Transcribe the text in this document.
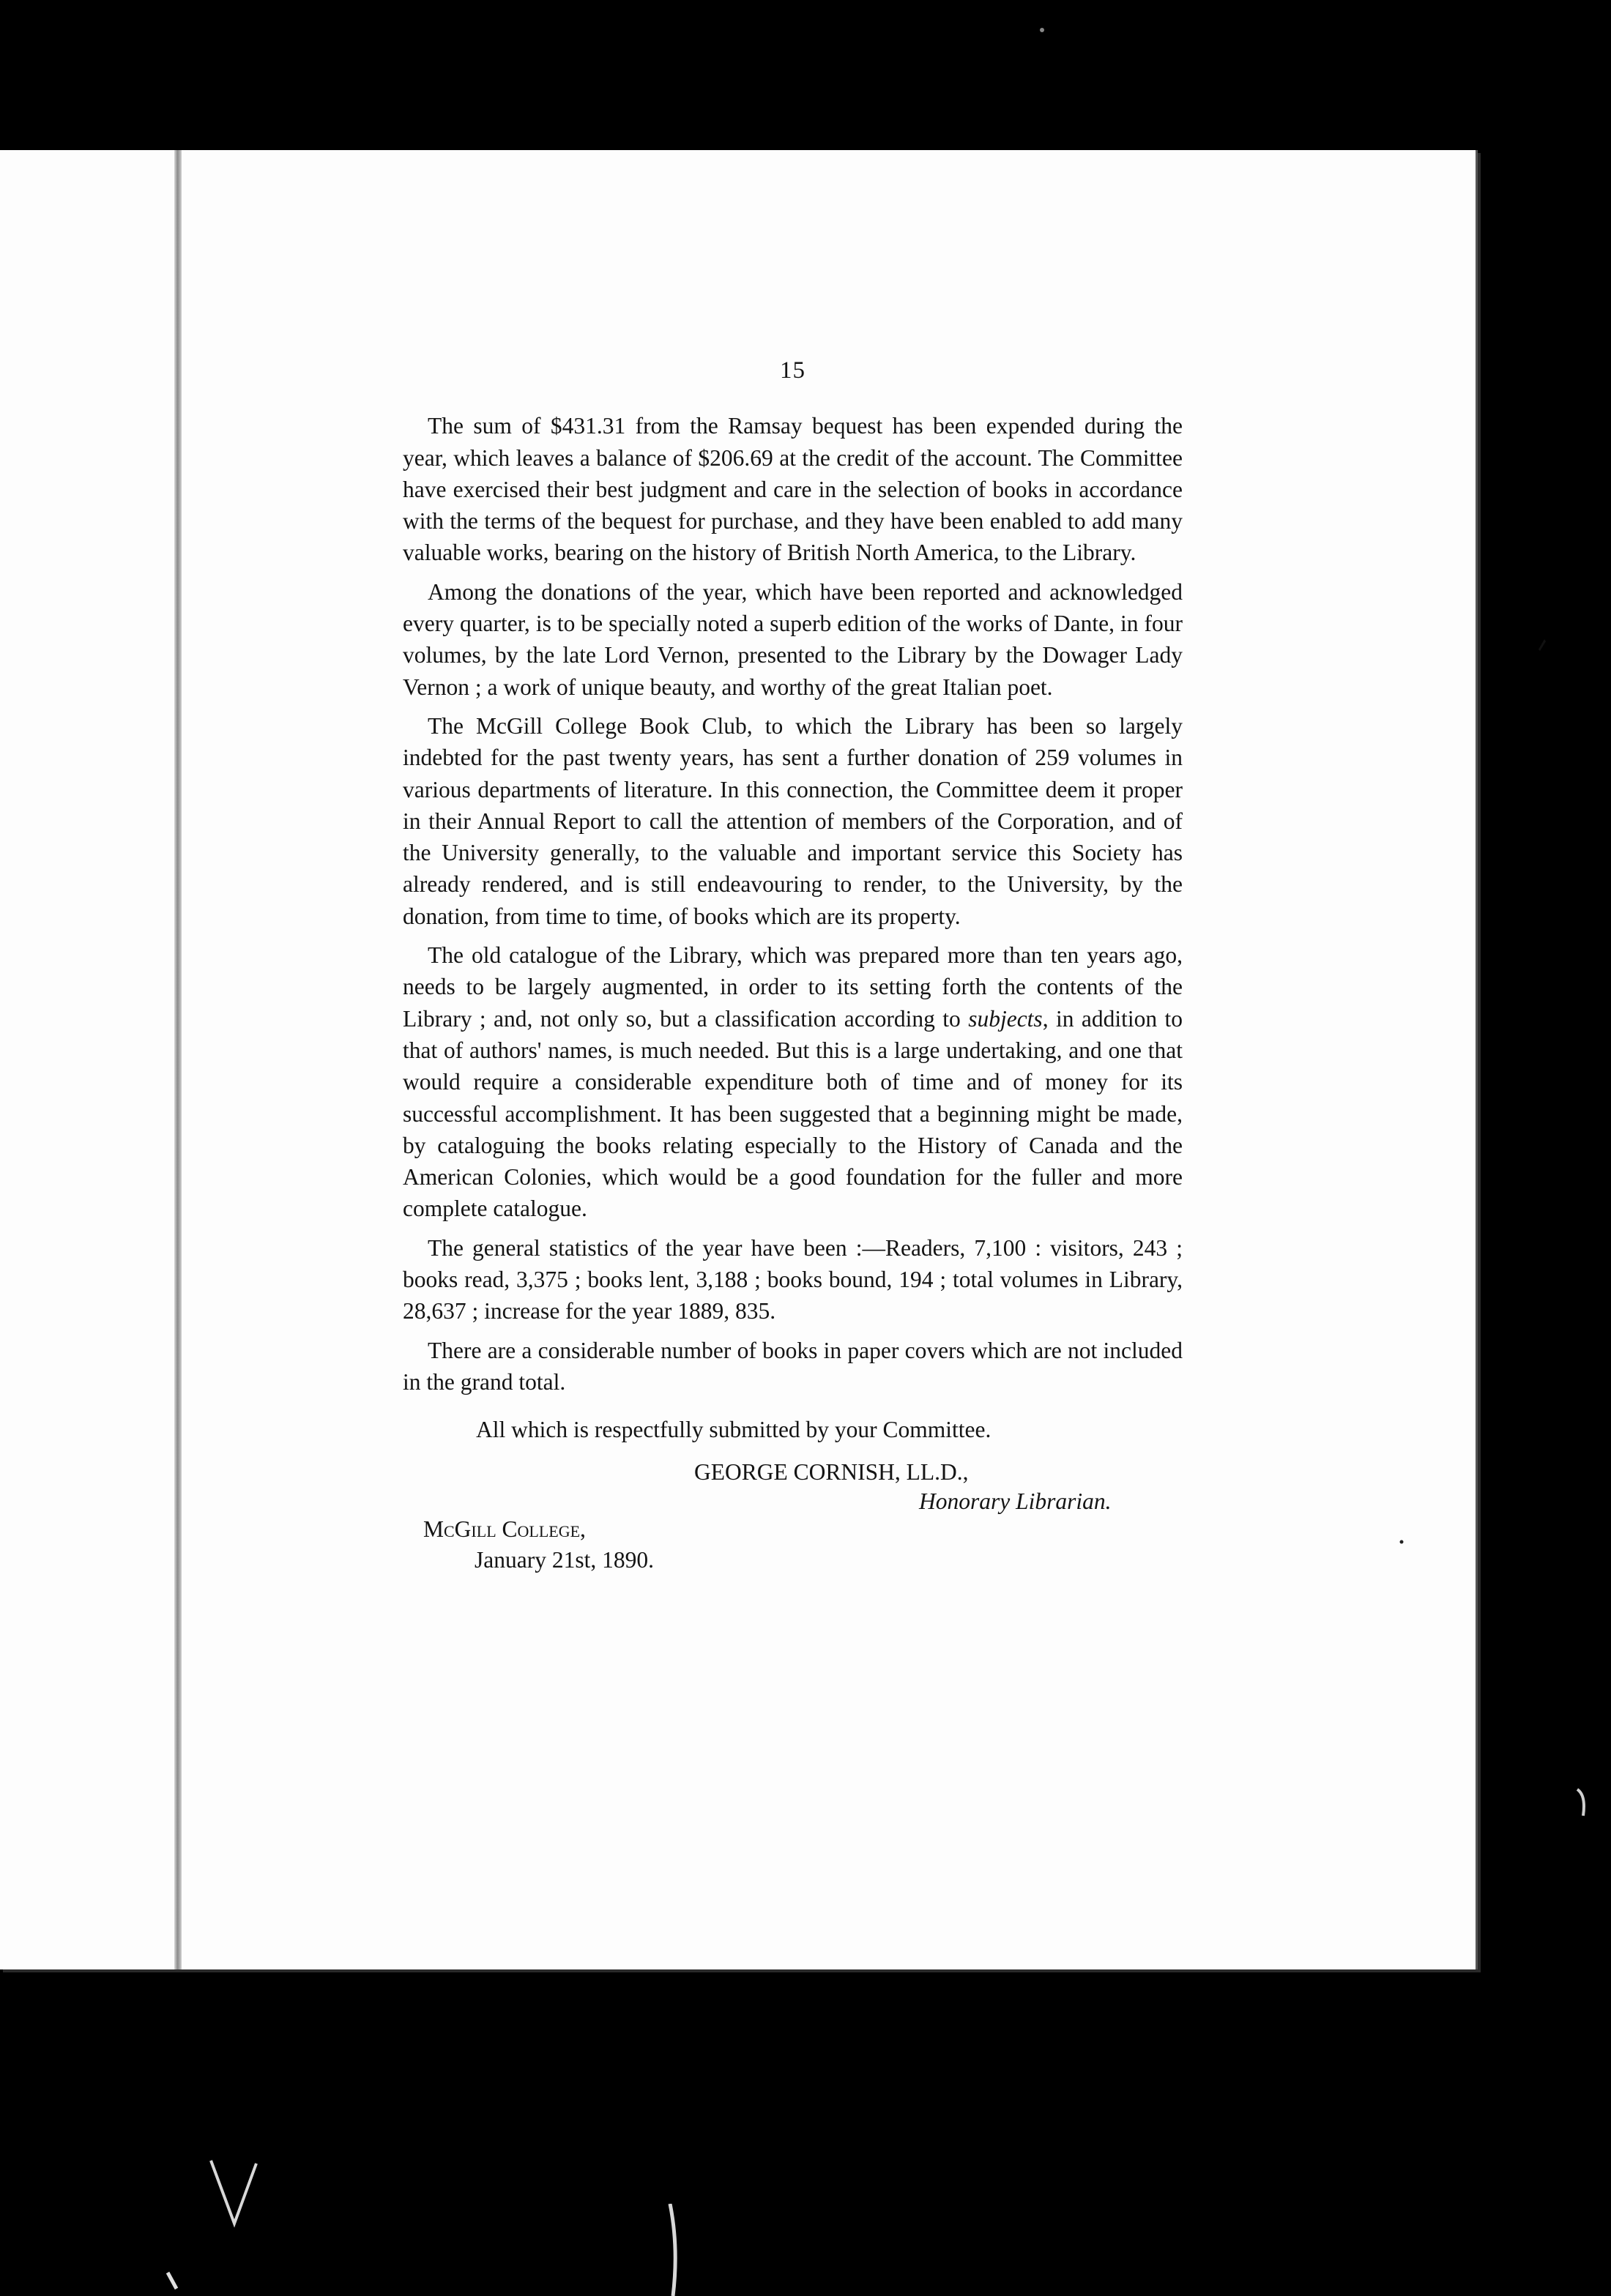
15

The sum of $431.31 from the Ramsay bequest has been expended during the year, which leaves a balance of $206.69 at the credit of the account. The Committee have exercised their best judgment and care in the selection of books in accordance with the terms of the bequest for purchase, and they have been enabled to add many valuable works, bearing on the history of British North America, to the Library.

Among the donations of the year, which have been reported and acknowledged every quarter, is to be specially noted a superb edition of the works of Dante, in four volumes, by the late Lord Vernon, presented to the Library by the Dowager Lady Vernon ; a work of unique beauty, and worthy of the great Italian poet.

The McGill College Book Club, to which the Library has been so largely indebted for the past twenty years, has sent a further donation of 259 volumes in various departments of literature. In this connection, the Committee deem it proper in their Annual Report to call the attention of members of the Corporation, and of the University generally, to the valuable and important service this Society has already rendered, and is still endeavouring to render, to the University, by the donation, from time to time, of books which are its property.

The old catalogue of the Library, which was prepared more than ten years ago, needs to be largely augmented, in order to its setting forth the contents of the Library ; and, not only so, but a classification according to subjects, in addition to that of authors' names, is much needed. But this is a large undertaking, and one that would require a considerable expenditure both of time and of money for its successful accomplishment. It has been suggested that a beginning might be made, by cataloguing the books relating especially to the History of Canada and the American Colonies, which would be a good foundation for the fuller and more complete catalogue.

The general statistics of the year have been :—Readers, 7,100 : visitors, 243 ; books read, 3,375 ; books lent, 3,188 ; books bound, 194 ; total volumes in Library, 28,637 ; increase for the year 1889, 835.

There are a considerable number of books in paper covers which are not included in the grand total.

All which is respectfully submitted by your Committee.

GEORGE CORNISH, LL.D.,
Honorary Librarian.
McGill College,
January 21st, 1890.
